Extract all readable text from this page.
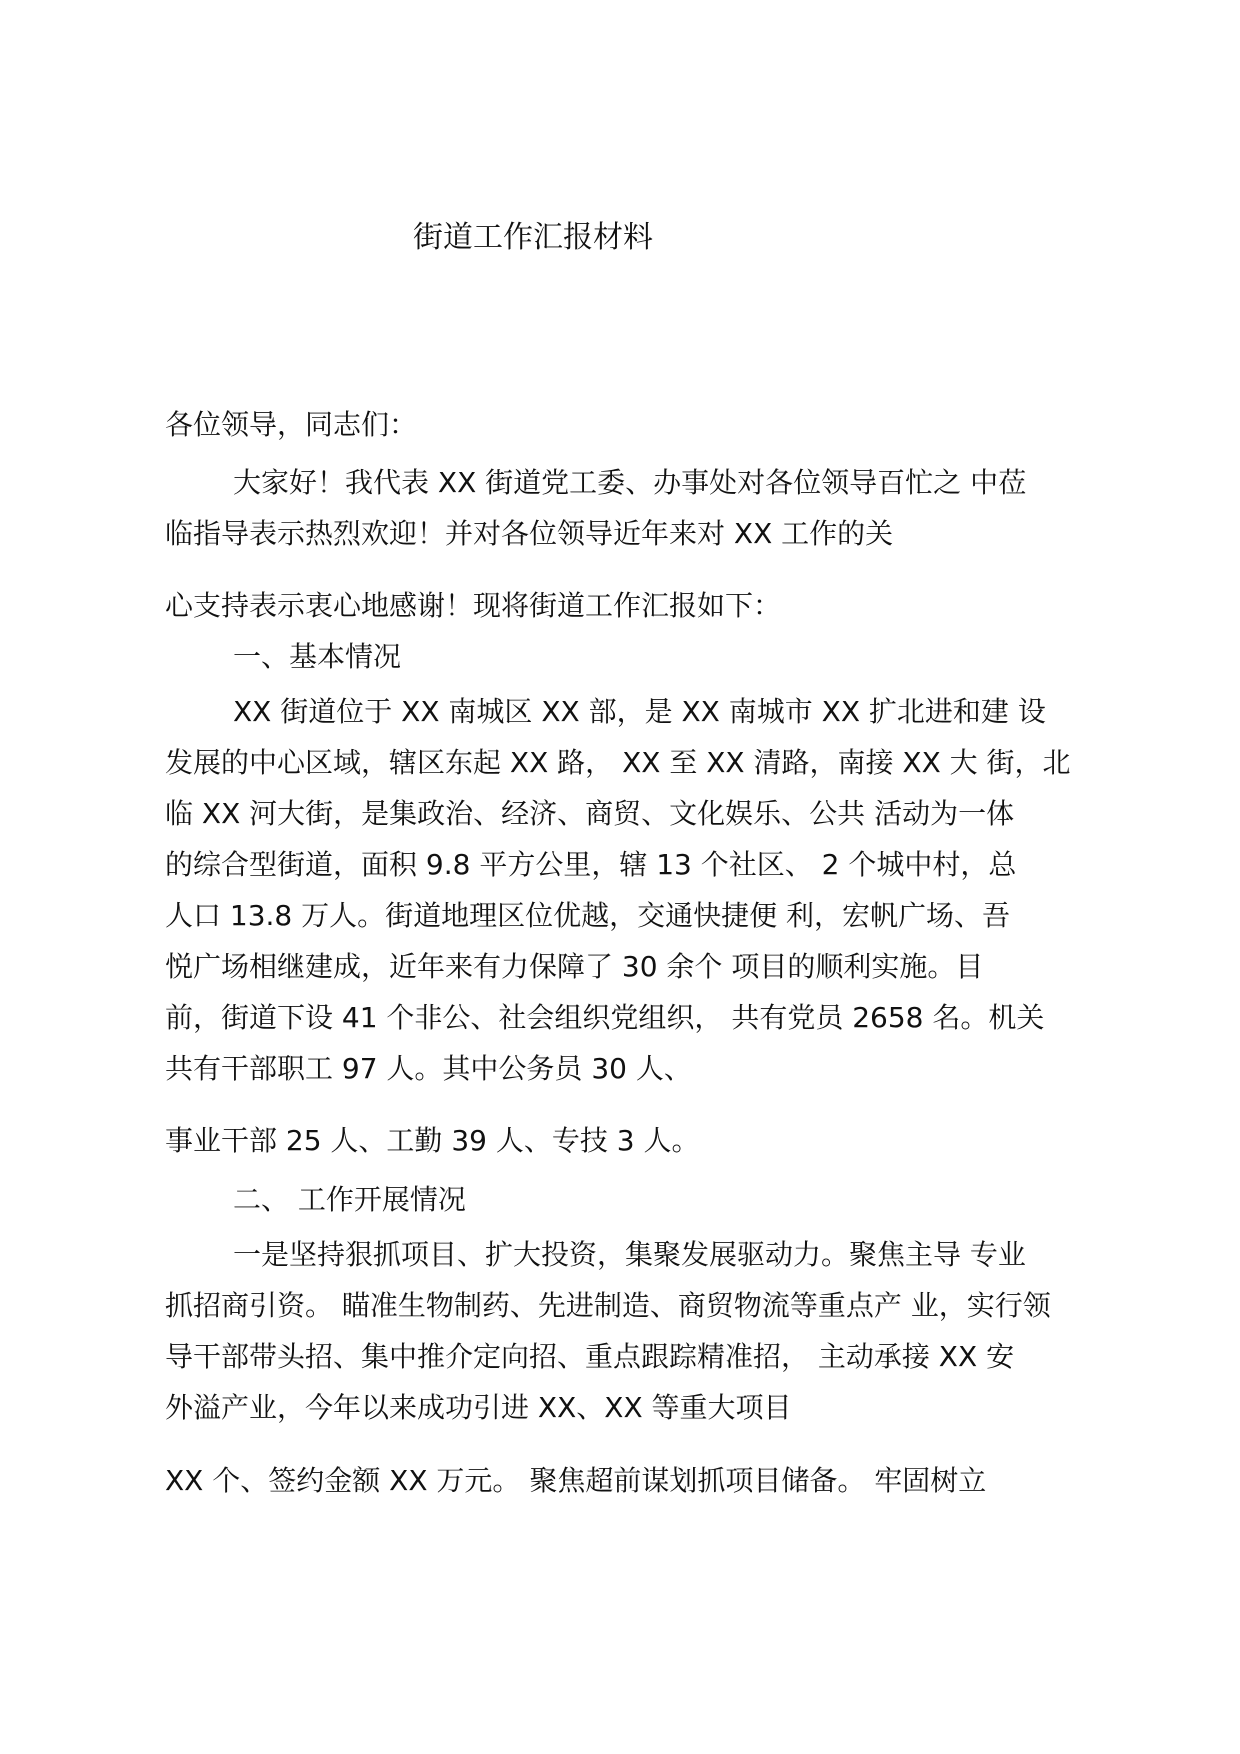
街道工作汇报材料
各位领导，同志们：
大家好！我代表 XX 街道党工委、办事处对各位领导百忙之 中莅
临指导表示热烈欢迎！并对各位领导近年来对 XX 工作的关
心支持表示衷心地感谢！现将街道工作汇报如下：
一、基本情况
XX 街道位于 XX 南城区 XX 部，是 XX 南城市 XX 扩北进和建 设
发展的中心区域，辖区东起 XX 路， XX 至 XX 清路，南接 XX 大 街，北
临 XX 河大街，是集政治、经济、商贸、文化娱乐、公共 活动为一体
的综合型街道，面积 9.8 平方公里，辖 13 个社区、 2 个城中村，总
人口 13.8 万人。街道地理区位优越，交通快捷便 利，宏帆广场、吾
悦广场相继建成，近年来有力保障了 30 余个 项目的顺利实施。目
前，街道下设 41 个非公、社会组织党组织， 共有党员 2658 名。机关
共有干部职工 97 人。其中公务员 30 人、
事业干部 25 人、工勤 39 人、专技 3 人。
二、 工作开展情况
一是坚持狠抓项目、扩大投资，集聚发展驱动力。聚焦主导 专业
抓招商引资。 瞄准生物制药、先进制造、商贸物流等重点产 业，实行领
导干部带头招、集中推介定向招、重点跟踪精准招， 主动承接 XX 安
外溢产业，今年以来成功引进 XX、XX 等重大项目
XX 个、签约金额 XX 万元。 聚焦超前谋划抓项目储备。 牢固树立
